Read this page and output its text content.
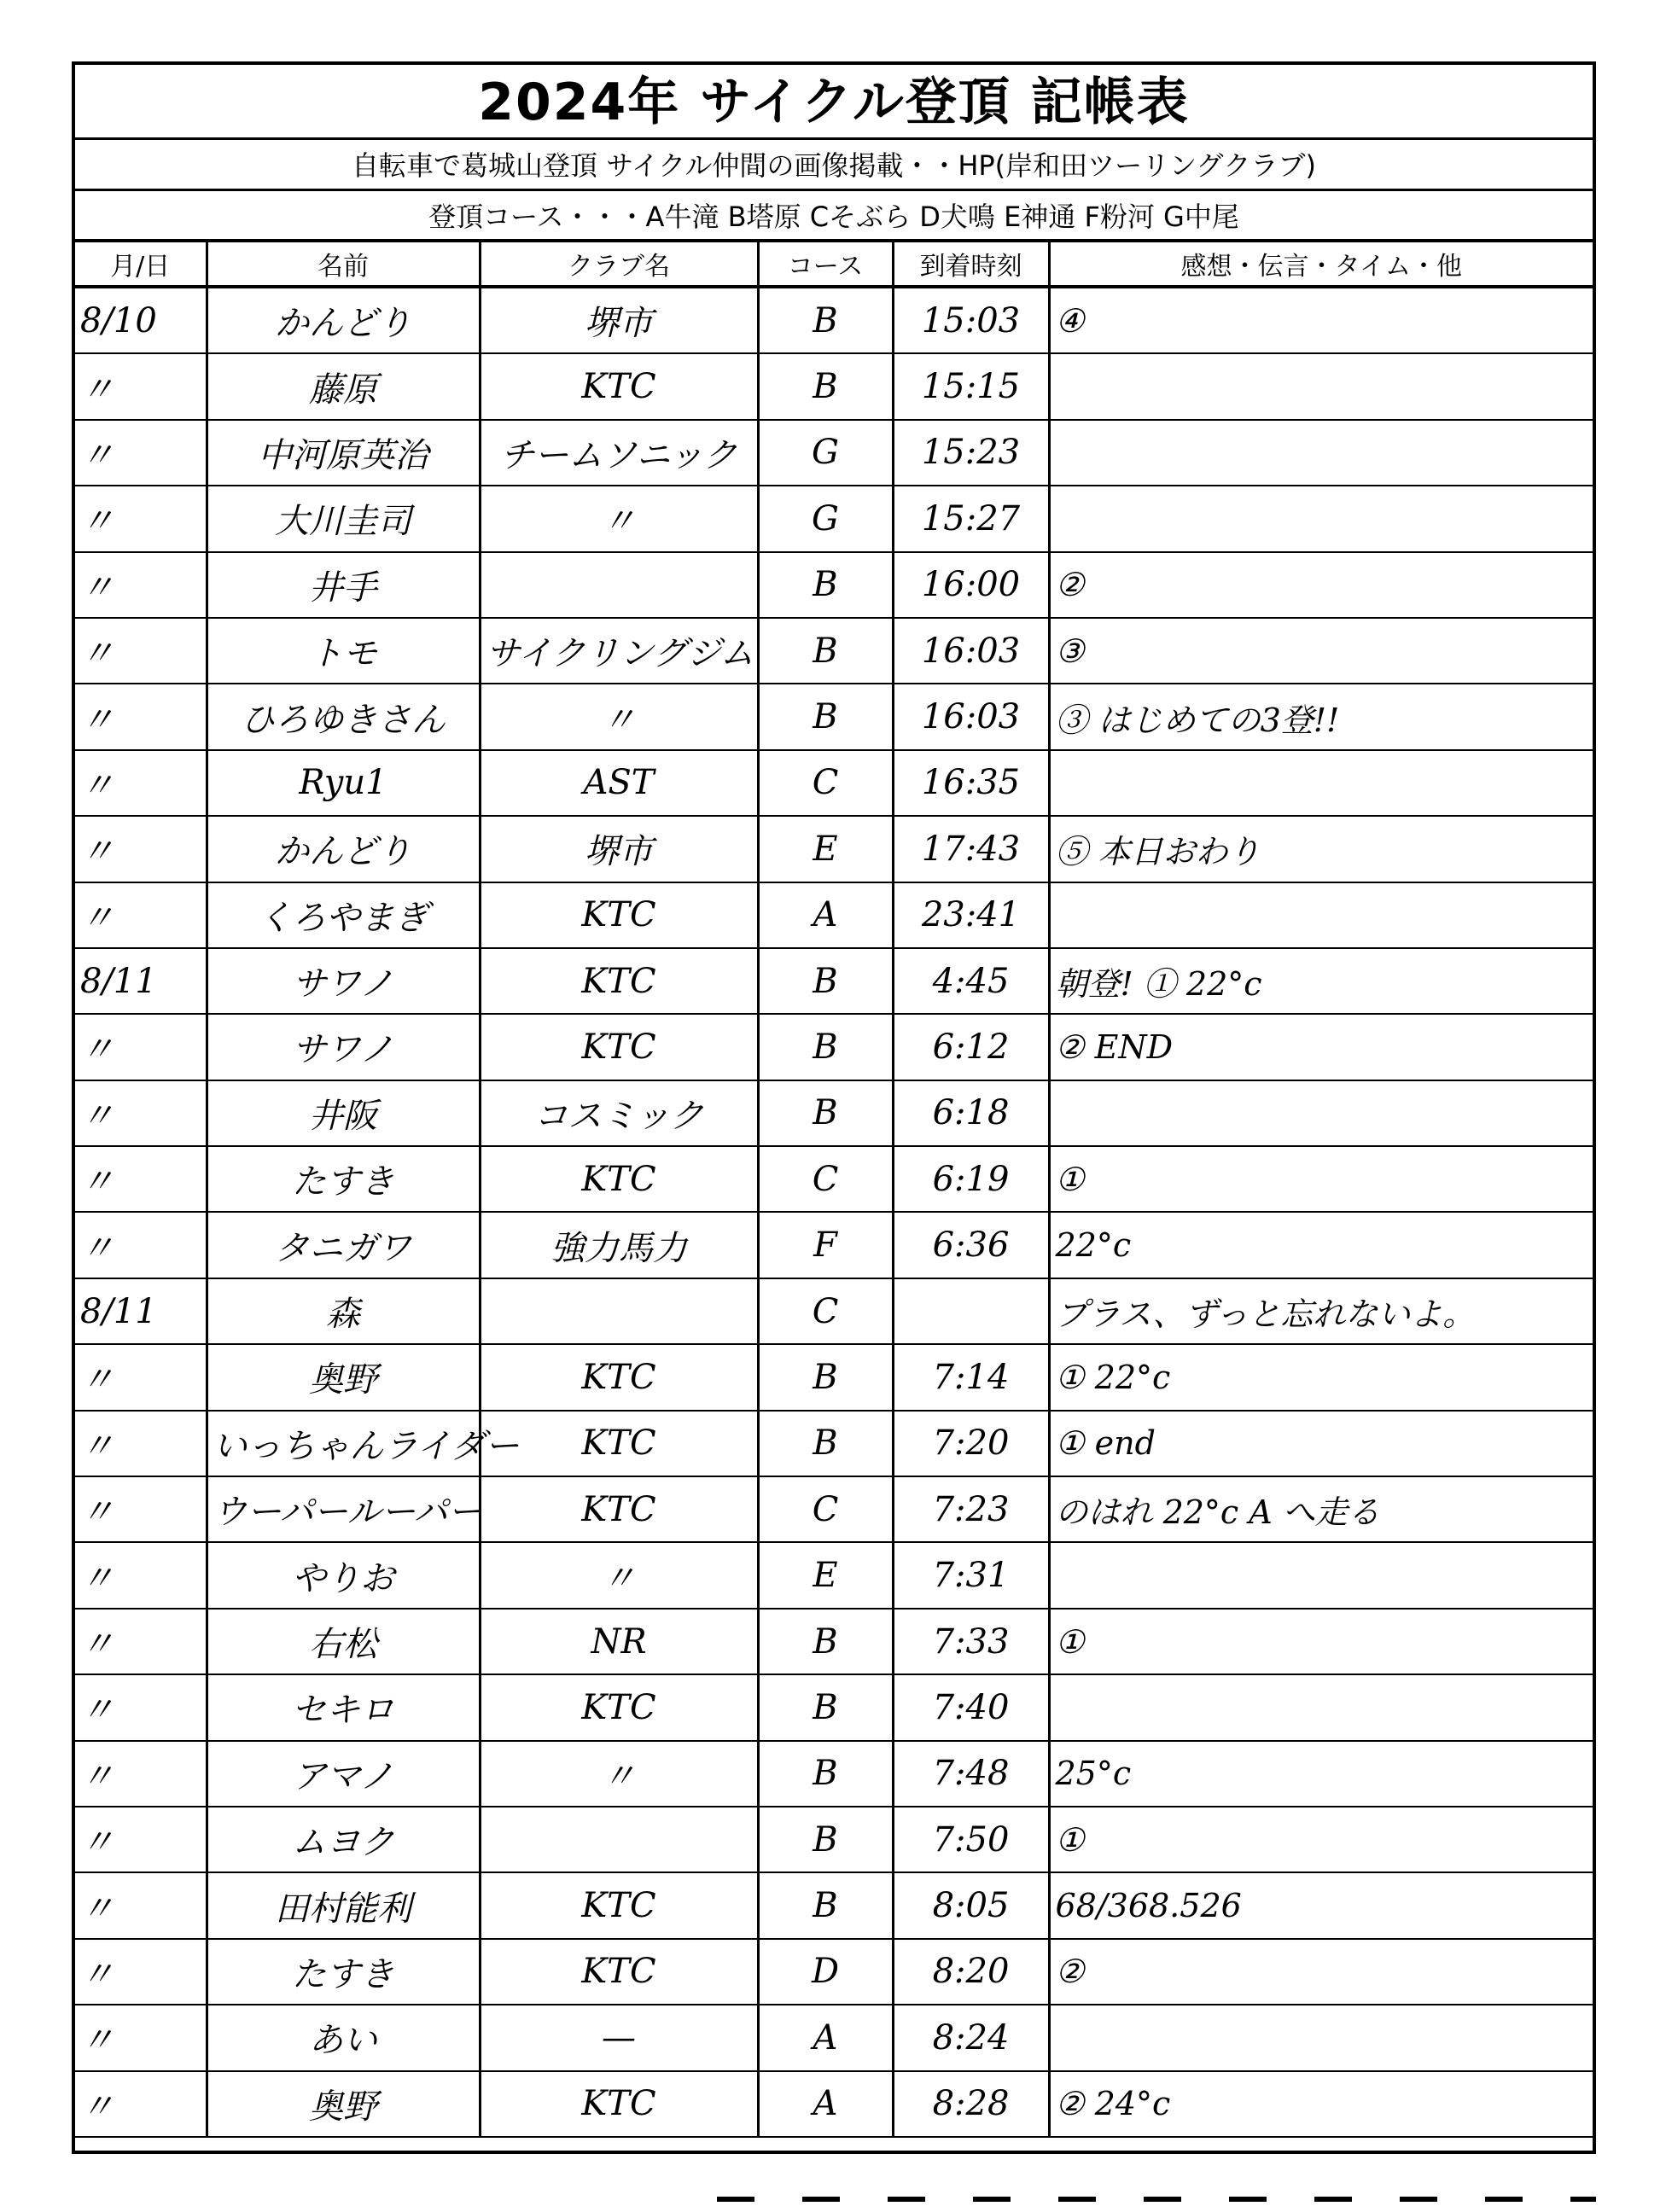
2024年 サイクル登頂 記帳表
自転車で葛城山登頂 サイクル仲間の画像掲載・・HP(岸和田ツーリングクラブ)
登頂コース・・・A牛滝 B塔原 Cそぶら D犬鳴 E神通 F粉河 G中尾
月/日	名前	クラブ名	コース	到着時刻	感想・伝言・タイム・他
8/10	かんどり	堺市	B	15:03	④
〃	藤原	KTC	B	15:15	
〃	中河原英治	チームソニック	G	15:23	
〃	大川圭司	〃	G	15:27	
〃	井手		B	16:00	②
〃	トモ	サイクリングジム	B	16:03	③
〃	ひろゆきさん	〃	B	16:03	③ はじめての3登!!
〃	Ryu1	AST	C	16:35	
〃	かんどり	堺市	E	17:43	⑤ 本日おわり
〃	くろやまぎ	KTC	A	23:41	
8/11	サワノ	KTC	B	4:45	朝登! ① 22°c
〃	サワノ	KTC	B	6:12	② END
〃	井阪	コスミック	B	6:18	
〃	たすき	KTC	C	6:19	①
〃	タニガワ	強力馬力	F	6:36	22°c
8/11	森		C		プラス、ずっと忘れないよ。
〃	奥野	KTC	B	7:14	① 22°c
〃	いっちゃんライダー	KTC	B	7:20	① end
〃	ウーパールーパー	KTC	C	7:23	のはれ 22°c A へ走る
〃	やりお	〃	E	7:31	
〃	右松	NR	B	7:33	①
〃	セキロ	KTC	B	7:40	
〃	アマノ	〃	B	7:48	25°c
〃	ムヨク		B	7:50	①
〃	田村能利	KTC	B	8:05	68/368.526
〃	たすき	KTC	D	8:20	②
〃	あい	—	A	8:24	
〃	奥野	KTC	A	8:28	② 24°c
